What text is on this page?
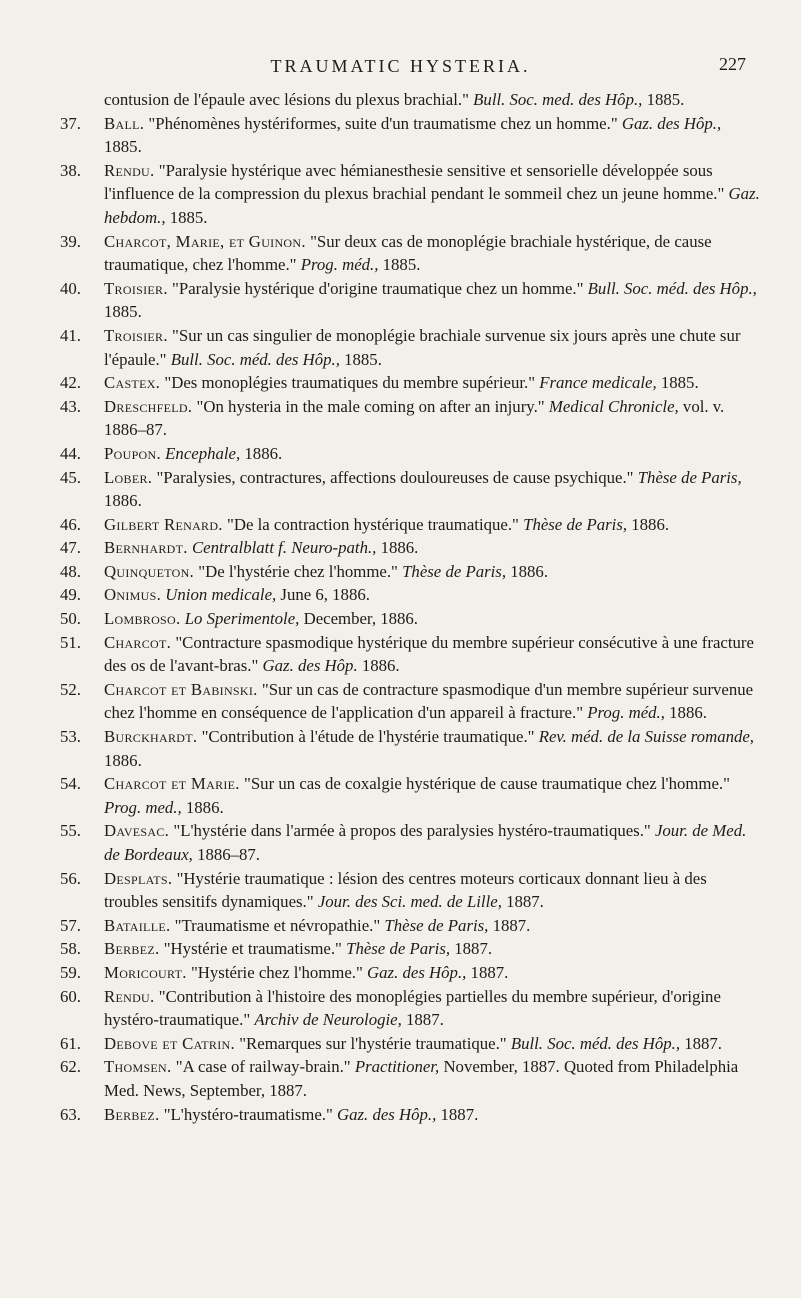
TRAUMATIC HYSTERIA.	227

contusion de l'épaule avec lésions du plexus brachial." Bull. Soc. med. des Hôp., 1885.

37. Ball. "Phénomènes hystériformes, suite d'un traumatisme chez un homme." Gaz. des Hôp., 1885.

38. Rendu. "Paralysie hystérique avec hémianesthesie sensitive et sensorielle développée sous l'influence de la compression du plexus brachial pendant le sommeil chez un jeune homme." Gaz. hebdom., 1885.

39. Charcot, Marie, et Guinon. "Sur deux cas de monoplégie brachiale hystérique, de cause traumatique, chez l'homme." Prog. méd., 1885.

40. Troisier. "Paralysie hystérique d'origine traumatique chez un homme." Bull. Soc. méd. des Hôp., 1885.

41. Troisier. "Sur un cas singulier de monoplégie brachiale survenue six jours après une chute sur l'épaule." Bull. Soc. méd. des Hôp., 1885.

42. Castex. "Des monoplégies traumatiques du membre supérieur." France medicale, 1885.

43. Dreschfeld. "On hysteria in the male coming on after an injury." Medical Chronicle, vol. v. 1886–87.

44. Poupon. Encephale, 1886.

45. Lober. "Paralysies, contractures, affections douloureuses de cause psychique." Thèse de Paris, 1886.

46. Gilbert Renard. "De la contraction hystérique traumatique." Thèse de Paris, 1886.

47. Bernhardt. Centralblatt f. Neuro-path., 1886.

48. Quinqueton. "De l'hystérie chez l'homme." Thèse de Paris, 1886.

49. Onimus. Union medicale, June 6, 1886.

50. Lombroso. Lo Sperimentole, December, 1886.

51. Charcot. "Contracture spasmodique hystérique du membre supérieur consécutive à une fracture des os de l'avant-bras." Gaz. des Hôp. 1886.

52. Charcot et Babinski. "Sur un cas de contracture spasmodique d'un membre supérieur survenue chez l'homme en conséquence de l'application d'un appareil à fracture." Prog. méd., 1886.

53. Burckhardt. "Contribution à l'étude de l'hystérie traumatique." Rev. méd. de la Suisse romande, 1886.

54. Charcot et Marie. "Sur un cas de coxalgie hystérique de cause traumatique chez l'homme." Prog. med., 1886.

55. Davesac. "L'hystérie dans l'armée à propos des paralysies hystéro-traumatiques." Jour. de Med. de Bordeaux, 1886–87.

56. Desplats. "Hystérie traumatique : lésion des centres moteurs corticaux donnant lieu à des troubles sensitifs dynamiques." Jour. des Sci. med. de Lille, 1887.

57. Bataille. "Traumatisme et névropathie." Thèse de Paris, 1887.

58. Berbez. "Hystérie et traumatisme." Thèse de Paris, 1887.

59. Moricourt. "Hystérie chez l'homme." Gaz. des Hôp., 1887.

60. Rendu. "Contribution à l'histoire des monoplégies partielles du membre supérieur, d'origine hystéro-traumatique." Archiv de Neurologie, 1887.

61. Debove et Catrin. "Remarques sur l'hystérie traumatique." Bull. Soc. méd. des Hôp., 1887.

62. Thomsen. "A case of railway-brain." Practitioner, November, 1887. Quoted from Philadelphia Med. News, September, 1887.

63. Berbez. "L'hystéro-traumatisme." Gaz. des Hôp., 1887.
